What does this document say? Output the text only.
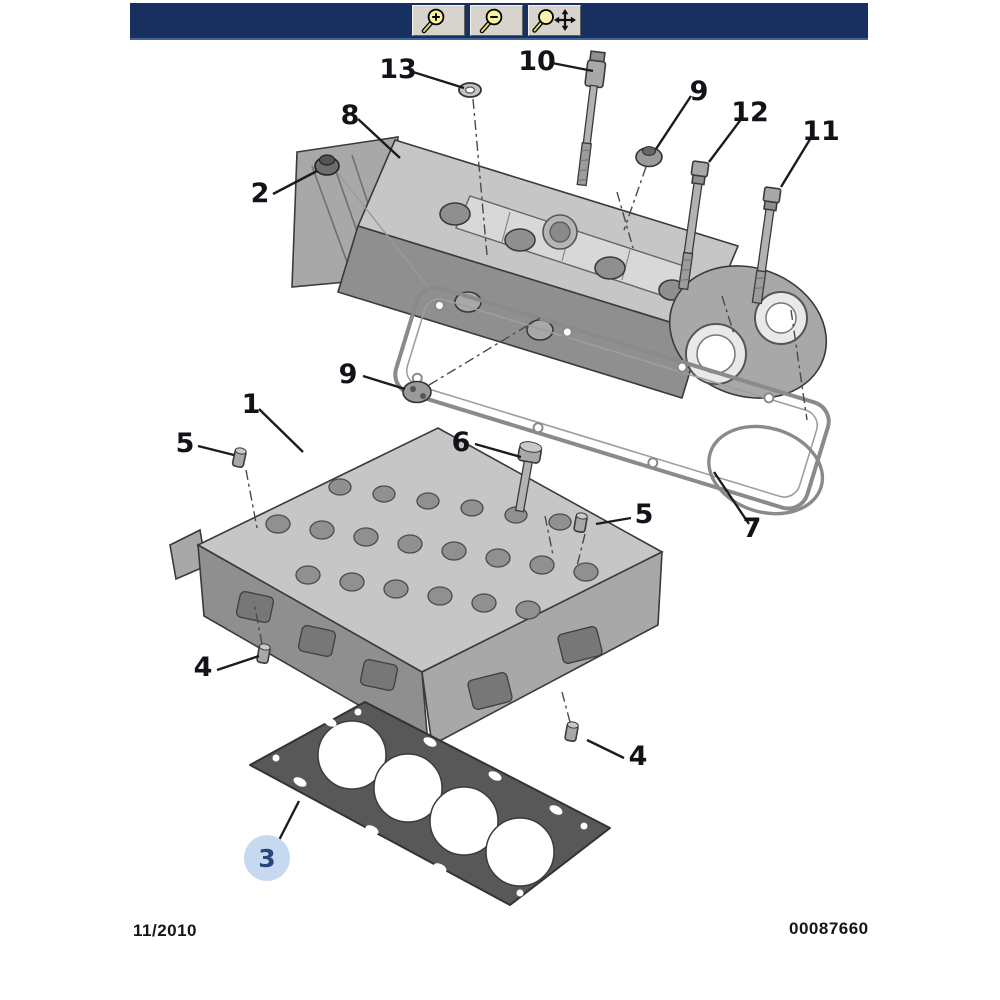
13	10
9
12
11
8
2
9
1
5	6
5	7
4
4
3
11/2010	00087660
